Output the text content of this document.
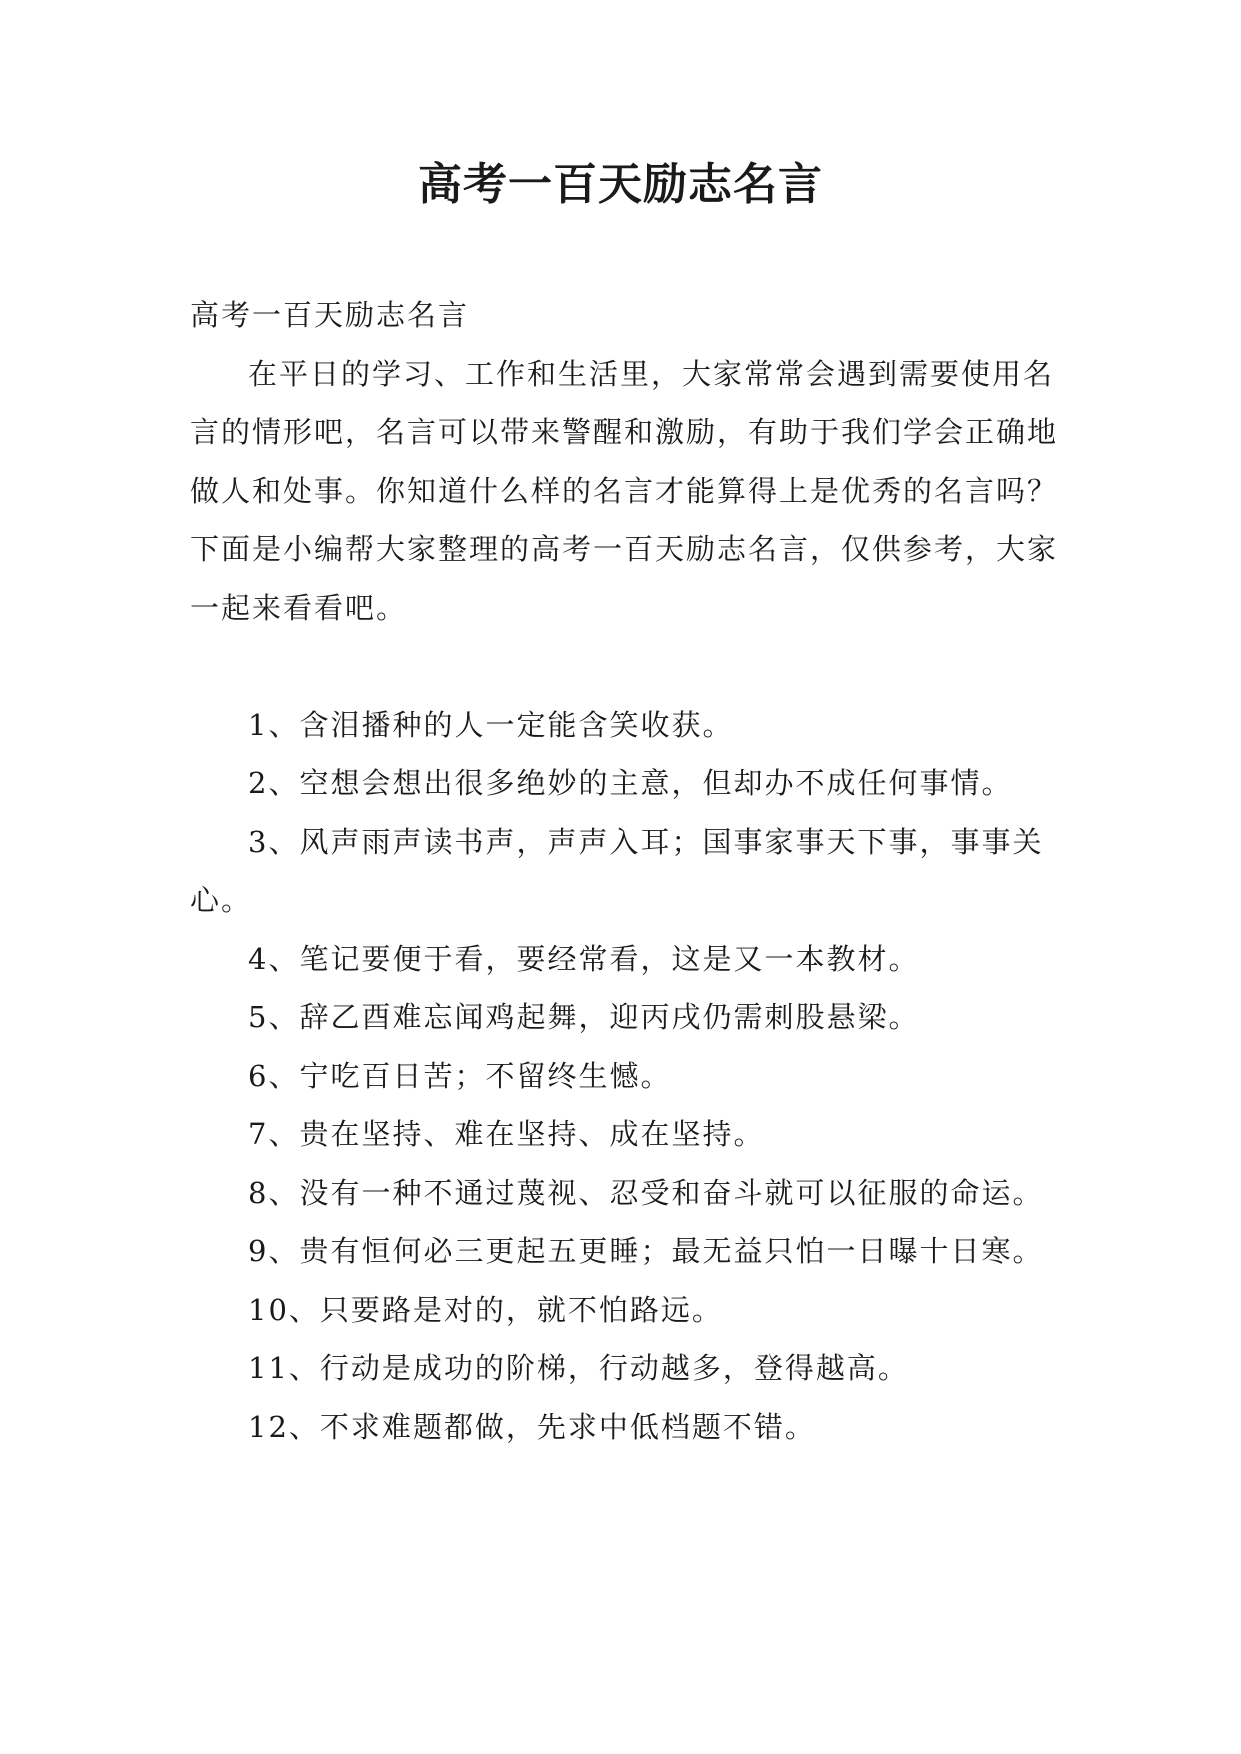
高考一百天励志名言

高考一百天励志名言

在平日的学习、工作和生活里，大家常常会遇到需要使用名言的情形吧，名言可以带来警醒和激励，有助于我们学会正确地做人和处事。你知道什么样的名言才能算得上是优秀的名言吗？下面是小编帮大家整理的高考一百天励志名言，仅供参考，大家一起来看看吧。

1、含泪播种的人一定能含笑收获。

2、空想会想出很多绝妙的主意，但却办不成任何事情。

3、风声雨声读书声，声声入耳；国事家事天下事，事事关心。

4、笔记要便于看，要经常看，这是又一本教材。

5、辞乙酉难忘闻鸡起舞，迎丙戌仍需刺股悬梁。

6、宁吃百日苦；不留终生憾。

7、贵在坚持、难在坚持、成在坚持。

8、没有一种不通过蔑视、忍受和奋斗就可以征服的命运。

9、贵有恒何必三更起五更睡；最无益只怕一日曝十日寒。

10、只要路是对的，就不怕路远。

11、行动是成功的阶梯，行动越多，登得越高。

12、不求难题都做，先求中低档题不错。
